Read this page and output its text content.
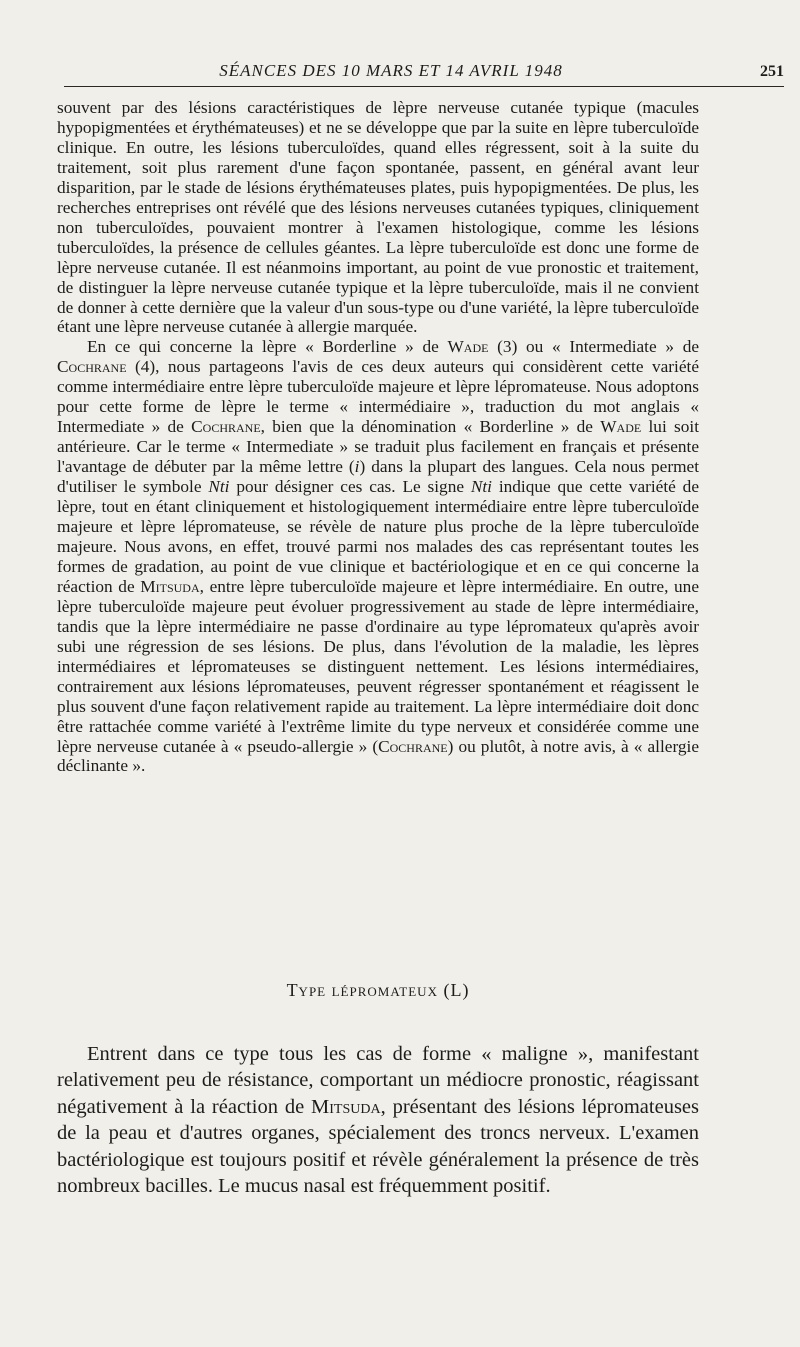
SÉANCES DES 10 MARS ET 14 AVRIL 1948	251

souvent par des lésions caractéristiques de lèpre nerveuse cutanée typique (macules hypopigmentées et érythémateuses) et ne se développe que par la suite en lèpre tuberculoïde clinique. En outre, les lésions tuberculoïdes, quand elles régressent, soit à la suite du traitement, soit plus rarement d'une façon spontanée, passent, en général avant leur disparition, par le stade de lésions érythémateuses plates, puis hypopigmentées. De plus, les recherches entreprises ont révélé que des lésions nerveuses cutanées typiques, cliniquement non tuberculoïdes, pouvaient montrer à l'examen histologique, comme les lésions tuberculoïdes, la présence de cellules géantes. La lèpre tuberculoïde est donc une forme de lèpre nerveuse cutanée. Il est néanmoins important, au point de vue pronostic et traitement, de distinguer la lèpre nerveuse cutanée typique et la lèpre tuberculoïde, mais il ne convient de donner à cette dernière que la valeur d'un sous-type ou d'une variété, la lèpre tuberculoïde étant une lèpre nerveuse cutanée à allergie marquée.

En ce qui concerne la lèpre « Borderline » de Wade (3) ou « Intermediate » de Cochrane (4), nous partageons l'avis de ces deux auteurs qui considèrent cette variété comme intermédiaire entre lèpre tuberculoïde majeure et lèpre lépromateuse. Nous adoptons pour cette forme de lèpre le terme « intermédiaire », traduction du mot anglais « Intermediate » de Cochrane, bien que la dénomination « Borderline » de Wade lui soit antérieure. Car le terme « Intermediate » se traduit plus facilement en français et présente l'avantage de débuter par la même lettre (i) dans la plupart des langues. Cela nous permet d'utiliser le symbole Nti pour désigner ces cas. Le signe Nti indique que cette variété de lèpre, tout en étant cliniquement et histologiquement intermédiaire entre lèpre tuberculoïde majeure et lèpre lépromateuse, se révèle de nature plus proche de la lèpre tuberculoïde majeure. Nous avons, en effet, trouvé parmi nos malades des cas représentant toutes les formes de gradation, au point de vue clinique et bactériologique et en ce qui concerne la réaction de Mitsuda, entre lèpre tuberculoïde majeure et lèpre intermédiaire. En outre, une lèpre tuberculoïde majeure peut évoluer progressivement au stade de lèpre intermédiaire, tandis que la lèpre intermédiaire ne passe d'ordinaire au type lépromateux qu'après avoir subi une régression de ses lésions. De plus, dans l'évolution de la maladie, les lèpres intermédiaires et lépromateuses se distinguent nettement. Les lésions intermédiaires, contrairement aux lésions lépromateuses, peuvent régresser spontanément et réagissent le plus souvent d'une façon relativement rapide au traitement. La lèpre intermédiaire doit donc être rattachée comme variété à l'extrême limite du type nerveux et considérée comme une lèpre nerveuse cutanée à « pseudo-allergie » (Cochrane) ou plutôt, à notre avis, à « allergie déclinante ».

Type lépromateux (L)

Entrent dans ce type tous les cas de forme « maligne », manifestant relativement peu de résistance, comportant un médiocre pronostic, réagissant négativement à la réaction de Mitsuda, présentant des lésions lépromateuses de la peau et d'autres organes, spécialement des troncs nerveux. L'examen bactériologique est toujours positif et révèle généralement la présence de très nombreux bacilles. Le mucus nasal est fréquemment positif.
